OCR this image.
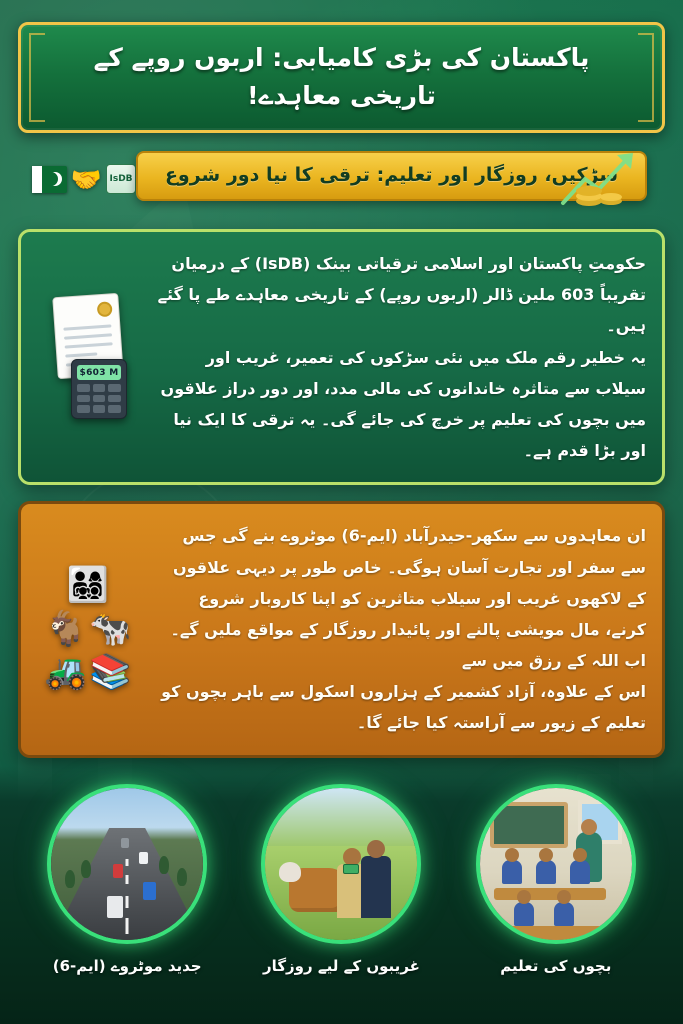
پاکستان کی بڑی کامیابی: اربوں روپے کے تاریخی معاہدے!
🤝 IsDB	سڑکیں، روزگار اور تعلیم: ترقی کا نیا دور شروع
$603 M

حکومتِ پاکستان اور اسلامی ترقیاتی بینک (IsDB) کے درمیان تقریباً 603 ملین ڈالر (اربوں روپے) کے تاریخی معاہدے طے پا گئے ہیں۔

یہ خطیر رقم ملک میں نئی سڑکوں کی تعمیر، غریب اور سیلاب سے متاثرہ خاندانوں کی مالی مدد، اور دور دراز علاقوں میں بچوں کی تعلیم پر خرچ کی جائے گی۔ یہ ترقی کا ایک نیا اور بڑا قدم ہے۔

👨‍👩‍👧‍👦
🐐 🐄
🚜 📚

ان معاہدوں سے سکھر-حیدرآباد (ایم-6) موٹروے بنے گی جس سے سفر اور تجارت آسان ہوگی۔ خاص طور پر دیہی علاقوں کے لاکھوں غریب اور سیلاب متاثرین کو اپنا کاروبار شروع کرنے، مال مویشی پالنے اور پائیدار روزگار کے مواقع ملیں گے۔ اب اللہ کے رزق میں سے

اس کے علاوہ، آزاد کشمیر کے ہزاروں اسکول سے باہر بچوں کو تعلیم کے زیور سے آراستہ کیا جائے گا۔

جدید موٹروے (ایم-6)	غریبوں کے لیے روزگار	بچوں کی تعلیم
